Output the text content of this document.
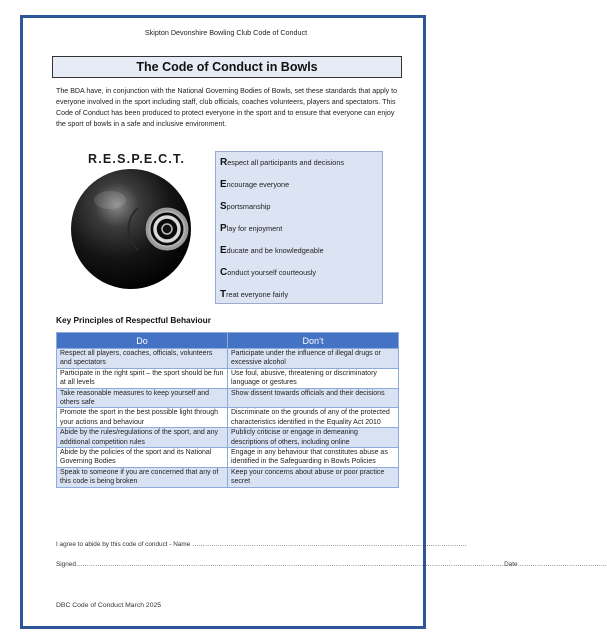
Skipton Devonshire Bowling Club Code of Conduct
The Code of Conduct in Bowls

The BDA have, in conjunction with the National Governing Bodies of Bowls, set these standards that apply to everyone involved in the sport including staff, club officials, coaches volunteers, players and spectators. This Code of Conduct has been produced to protect everyone in the sport and to ensure that everyone can enjoy the sport of bowls in a safe and inclusive environment.

R.E.S.P.E.C.T.	Respect all participants and decisions
Encourage everyone
Sportsmanship
Play for enjoyment
Educate and be knowledgeable
Conduct yourself courteously
Treat everyone fairly
Key Principles of Respectful Behaviour
Do	Don’t
Respect all players, coaches, officials, volunteers and spectators	Participate under the influence of illegal drugs or excessive alcohol
Participate in the right spirit – the sport should be fun at all levels	Use foul, abusive, threatening or discriminatory language or gestures
Take reasonable measures to keep yourself and others safe	Show dissent towards officials and their decisions
Promote the sport in the best possible light through your actions and behaviour	Discriminate on the grounds of any of the protected characteristics identified in the Equality Act 2010
Abide by the rules/regulations of the sport, and any additional competition rules	Publicly criticise or engage in demeaning descriptions of others, including online
Abide by the policies of the sport and its National Governing Bodies	Engage in any behaviour that constitutes abuse as identified in the Safeguarding in Bowls Policies
Speak to someone if you are concerned that any of this code is being broken	Keep your concerns about abuse or poor practice secret
I agree to abide by this code of conduct - Name …………………………………………………………………………………………………………………
Signed…………………………………………………………………………………………………………………………………………………………………………………Date……………………………………
DBC Code of Conduct March 2025
